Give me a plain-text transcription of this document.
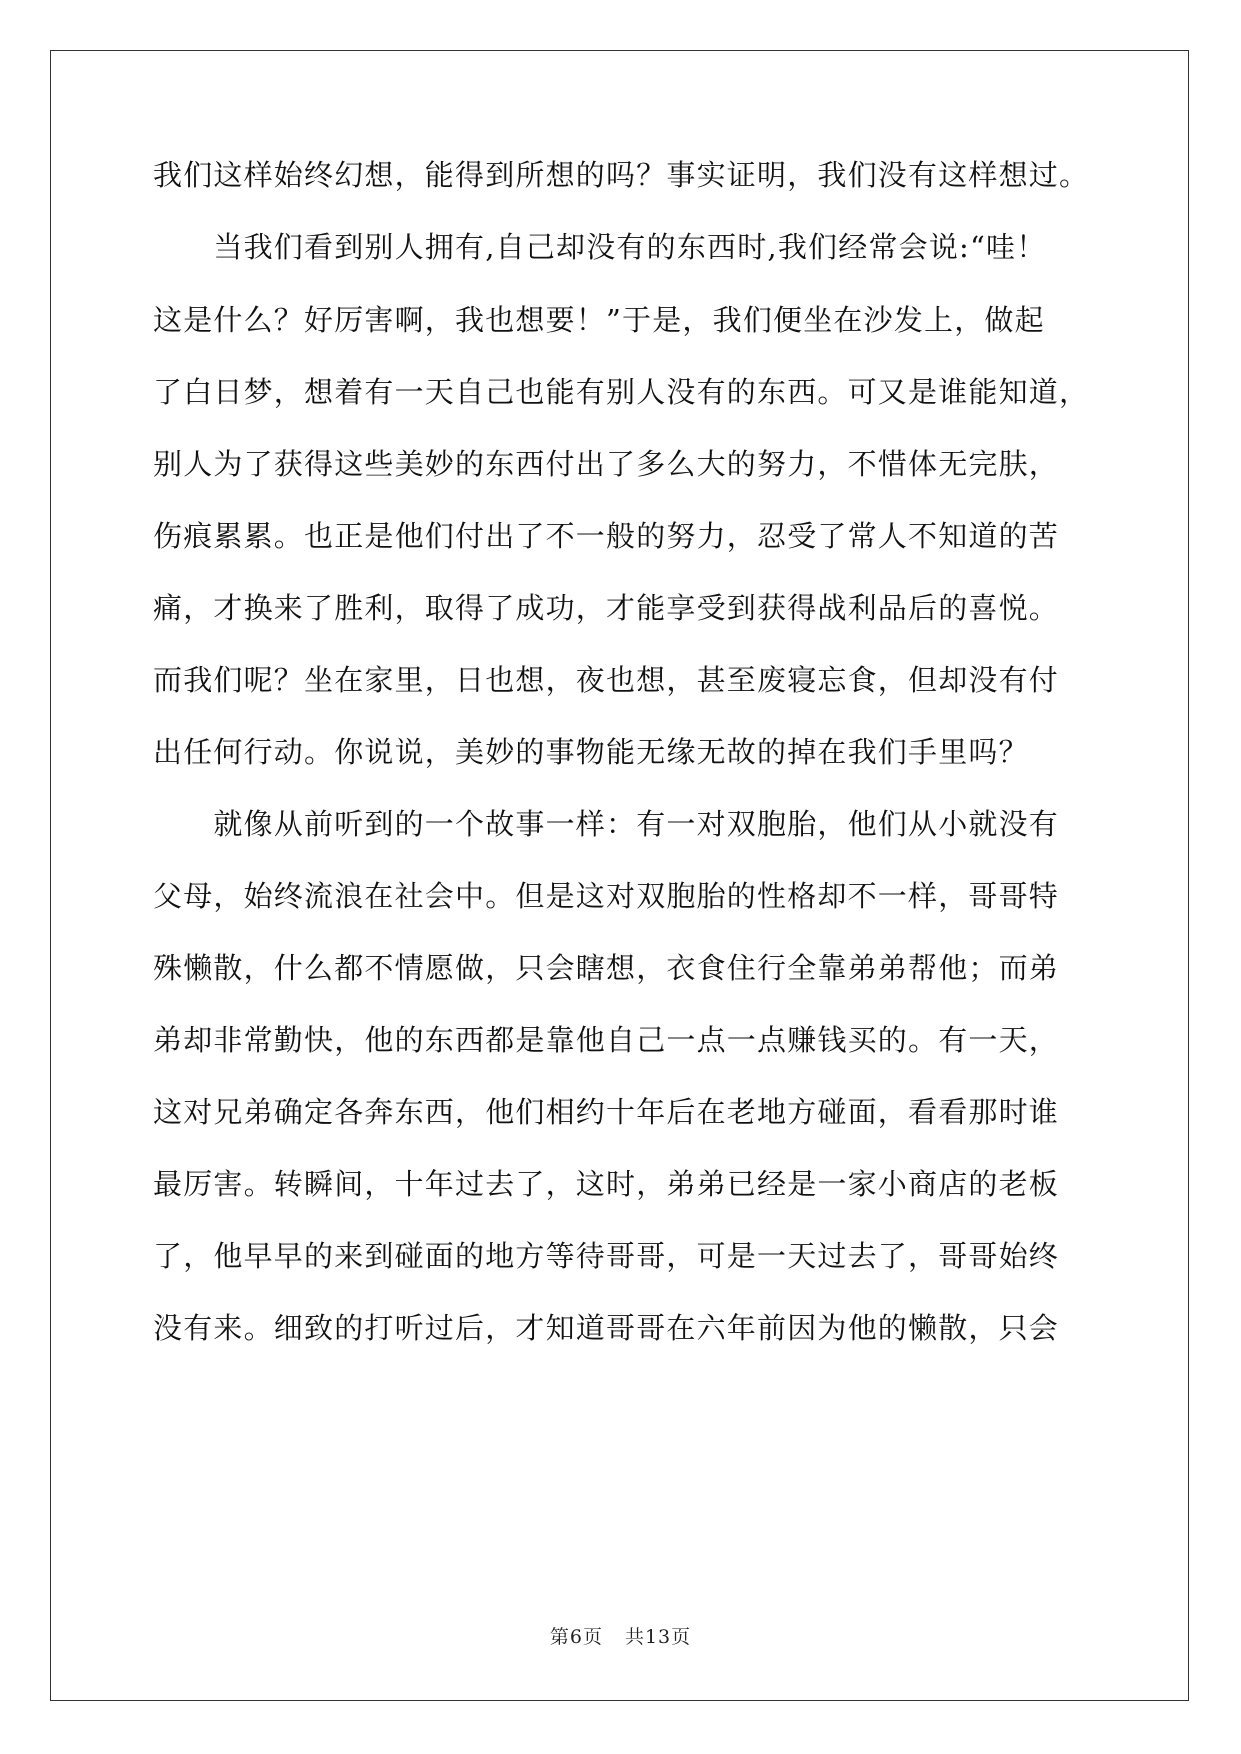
我们这样始终幻想，能得到所想的吗？事实证明，我们没有这样想过。
　　当我们看到别人拥有,自己却没有的东西时,我们经常会说:“哇！
这是什么？好厉害啊，我也想要！”于是，我们便坐在沙发上，做起
了白日梦，想着有一天自己也能有别人没有的东西。可又是谁能知道，
别人为了获得这些美妙的东西付出了多么大的努力，不惜体无完肤，
伤痕累累。也正是他们付出了不一般的努力，忍受了常人不知道的苦
痛，才换来了胜利，取得了成功，才能享受到获得战利品后的喜悦。
而我们呢？坐在家里，日也想，夜也想，甚至废寝忘食，但却没有付
出任何行动。你说说，美妙的事物能无缘无故的掉在我们手里吗？
　　就像从前听到的一个故事一样：有一对双胞胎，他们从小就没有
父母，始终流浪在社会中。但是这对双胞胎的性格却不一样，哥哥特
殊懒散，什么都不情愿做，只会瞎想，衣食住行全靠弟弟帮他；而弟
弟却非常勤快，他的东西都是靠他自己一点一点赚钱买的。有一天，
这对兄弟确定各奔东西，他们相约十年后在老地方碰面，看看那时谁
最厉害。转瞬间，十年过去了，这时，弟弟已经是一家小商店的老板
了，他早早的来到碰面的地方等待哥哥，可是一天过去了，哥哥始终
没有来。细致的打听过后，才知道哥哥在六年前因为他的懒散，只会
第6页 共13页
